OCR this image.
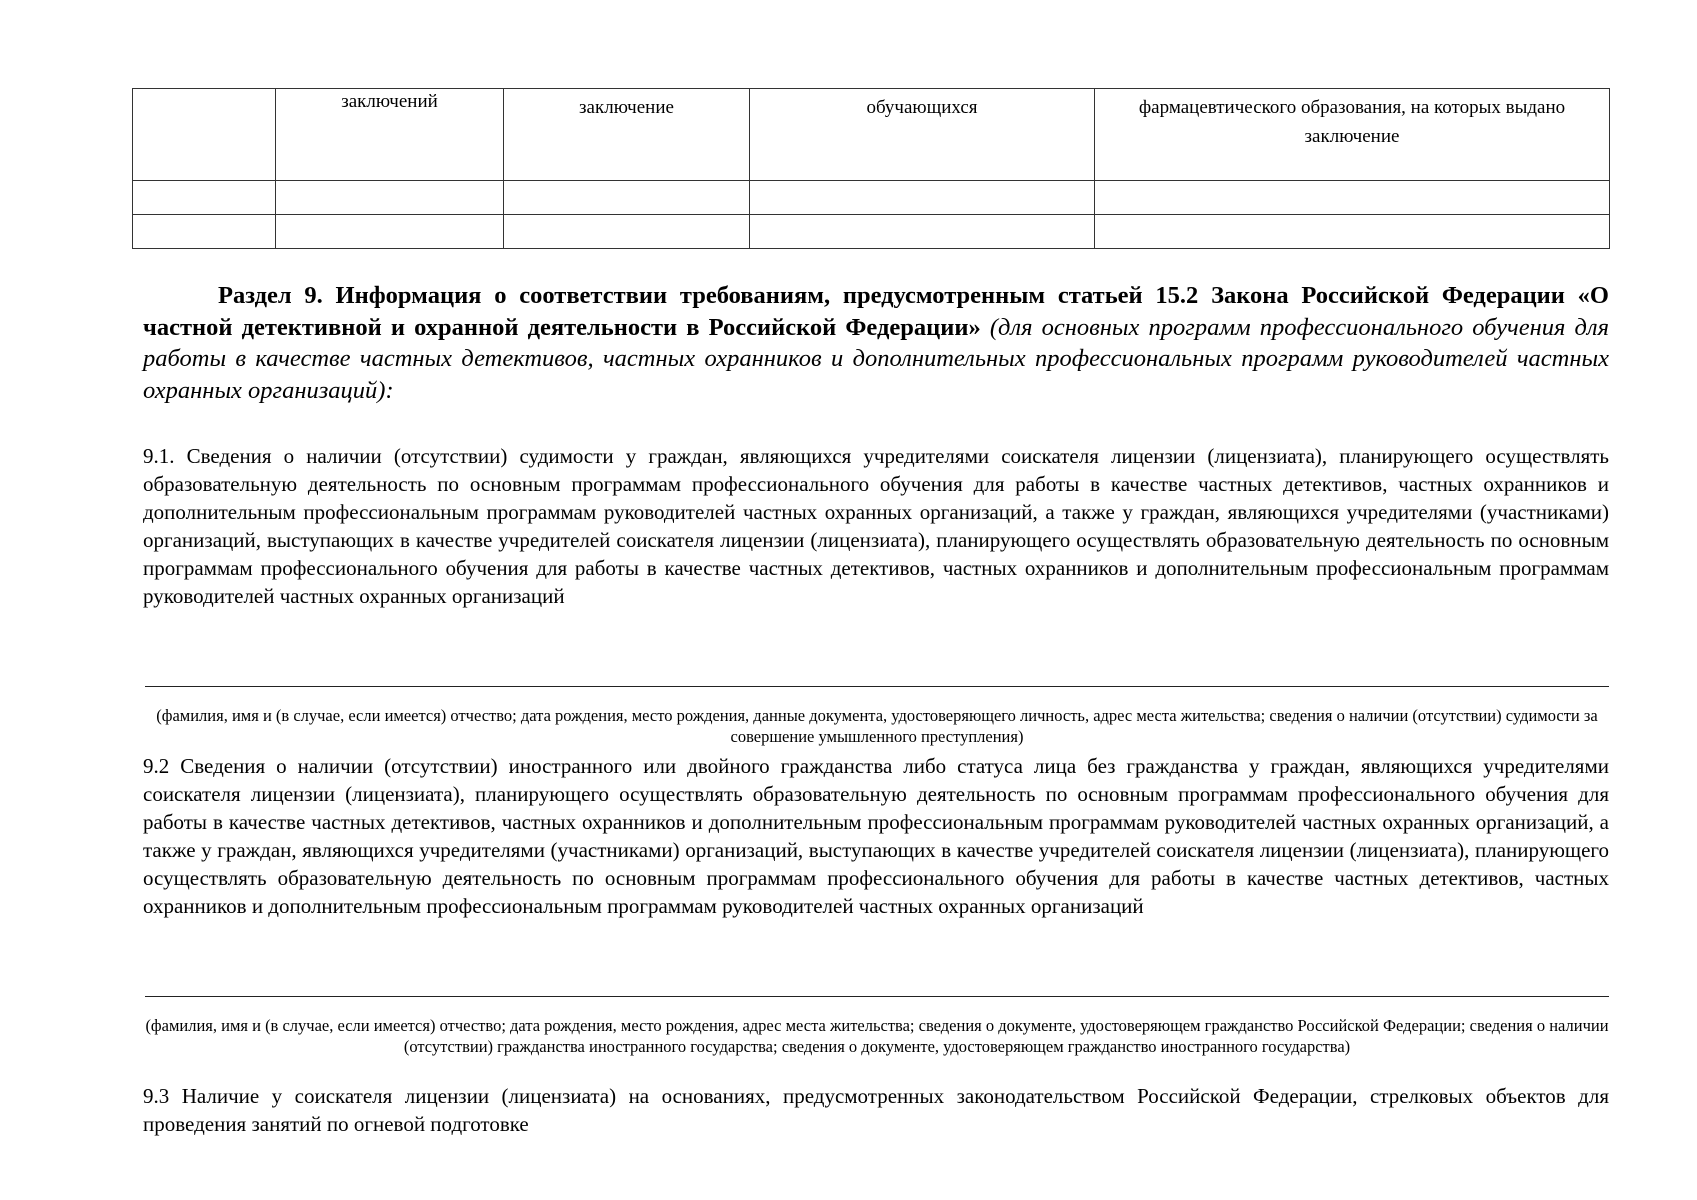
	заключений	заключение	обучающихся	фармацевтического образования, на которых выдано заключение

Раздел 9. Информация о соответствии требованиям, предусмотренным статьей 15.2 Закона Российской Федерации «О частной детективной и охранной деятельности в Российской Федерации» (для основных программ профессионального обучения для работы в качестве частных детективов, частных охранников и дополнительных профессиональных программ руководителей частных охранных организаций):

9.1. Сведения о наличии (отсутствии) судимости у граждан, являющихся учредителями соискателя лицензии (лицензиата), планирующего осуществлять образовательную деятельность по основным программам профессионального обучения для работы в качестве частных детективов, частных охранников и дополнительным профессиональным программам руководителей частных охранных организаций, а также у граждан, являющихся учредителями (участниками) организаций, выступающих в качестве учредителей соискателя лицензии (лицензиата), планирующего осуществлять образовательную деятельность по основным программам профессионального обучения для работы в качестве частных детективов, частных охранников и дополнительным профессиональным программам руководителей частных охранных организаций

(фамилия, имя и (в случае, если имеется) отчество; дата рождения, место рождения, данные документа, удостоверяющего личность, адрес места жительства; сведения о наличии (отсутствии) судимости за совершение умышленного преступления)

9.2 Сведения о наличии (отсутствии) иностранного или двойного гражданства либо статуса лица без гражданства у граждан, являющихся учредителями соискателя лицензии (лицензиата), планирующего осуществлять образовательную деятельность по основным программам профессионального обучения для работы в качестве частных детективов, частных охранников и дополнительным профессиональным программам руководителей частных охранных организаций, а также у граждан, являющихся учредителями (участниками) организаций, выступающих в качестве учредителей соискателя лицензии (лицензиата), планирующего осуществлять образовательную деятельность по основным программам профессионального обучения для работы в качестве частных детективов, частных охранников и дополнительным профессиональным программам руководителей частных охранных организаций

(фамилия, имя и (в случае, если имеется) отчество; дата рождения, место рождения, адрес места жительства; сведения о документе, удостоверяющем гражданство Российской Федерации; сведения о наличии (отсутствии) гражданства иностранного государства; сведения о документе, удостоверяющем гражданство иностранного государства)

9.3 Наличие у соискателя лицензии (лицензиата) на основаниях, предусмотренных законодательством Российской Федерации, стрелковых объектов для проведения занятий по огневой подготовке
